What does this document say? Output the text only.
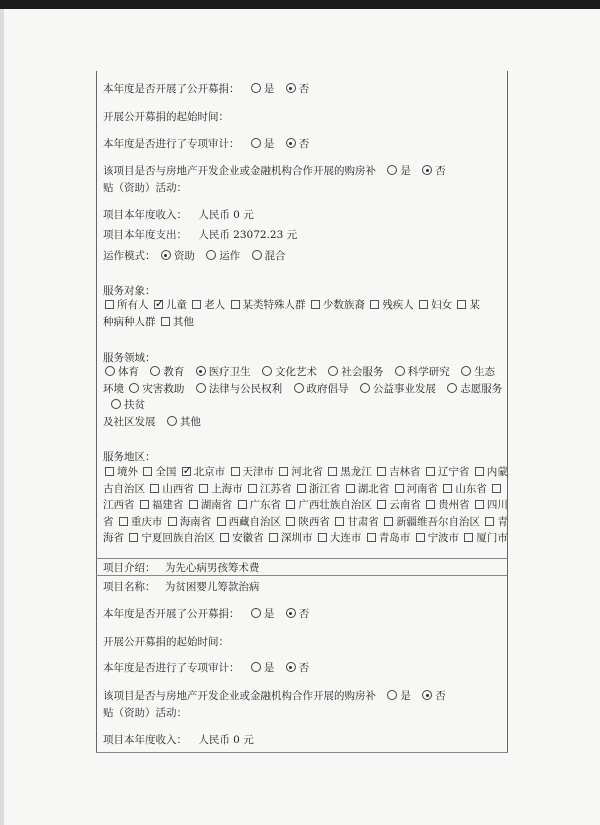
本年度是否开展了公开募捐： 是 否
开展公开募捐的起始时间：
本年度是否进行了专项审计： 是 否
该项目是否与房地产开发企业或金融机构合作开展的购房补 是 否
贴（资助）活动：
项目本年度收入： 人民币 0 元
项目本年度支出： 人民币 23072.23 元
运作模式： 资助 运作 混合
服务对象：
所有人 ✓ 儿童 老人 某类特殊人群 少数族裔 残疾人 妇女 某
种病种人群 其他
服务领域：
体育 教育 医疗卫生 文化艺术 社会服务 科学研究 生态环境 灾害救助 法律与公民权利 政府倡导 公益事业发展 志愿服务 扶贫
及社区发展 其他
服务地区：
境外 全国 ✓ 北京市 天津市 河北省 黑龙江 吉林省 辽宁省 内蒙古自治区 山西省 上海市 江苏省 浙江省 湖北省 河南省 山东省 江西省 福建省 湖南省 广东省 广西壮族自治区 云南省 贵州省 四川省 重庆市 海南省 西藏自治区 陕西省 甘肃省 新疆维吾尔自治区 青海省 宁夏回族自治区 安徽省 深圳市 大连市 青岛市 宁波市 厦门市
项目介绍： 为先心病男孩筹术费
项目名称： 为贫困婴儿筹款治病
本年度是否开展了公开募捐： 是 否
开展公开募捐的起始时间：
本年度是否进行了专项审计： 是 否
该项目是否与房地产开发企业或金融机构合作开展的购房补 是 否
贴（资助）活动：
项目本年度收入： 人民币 0 元
